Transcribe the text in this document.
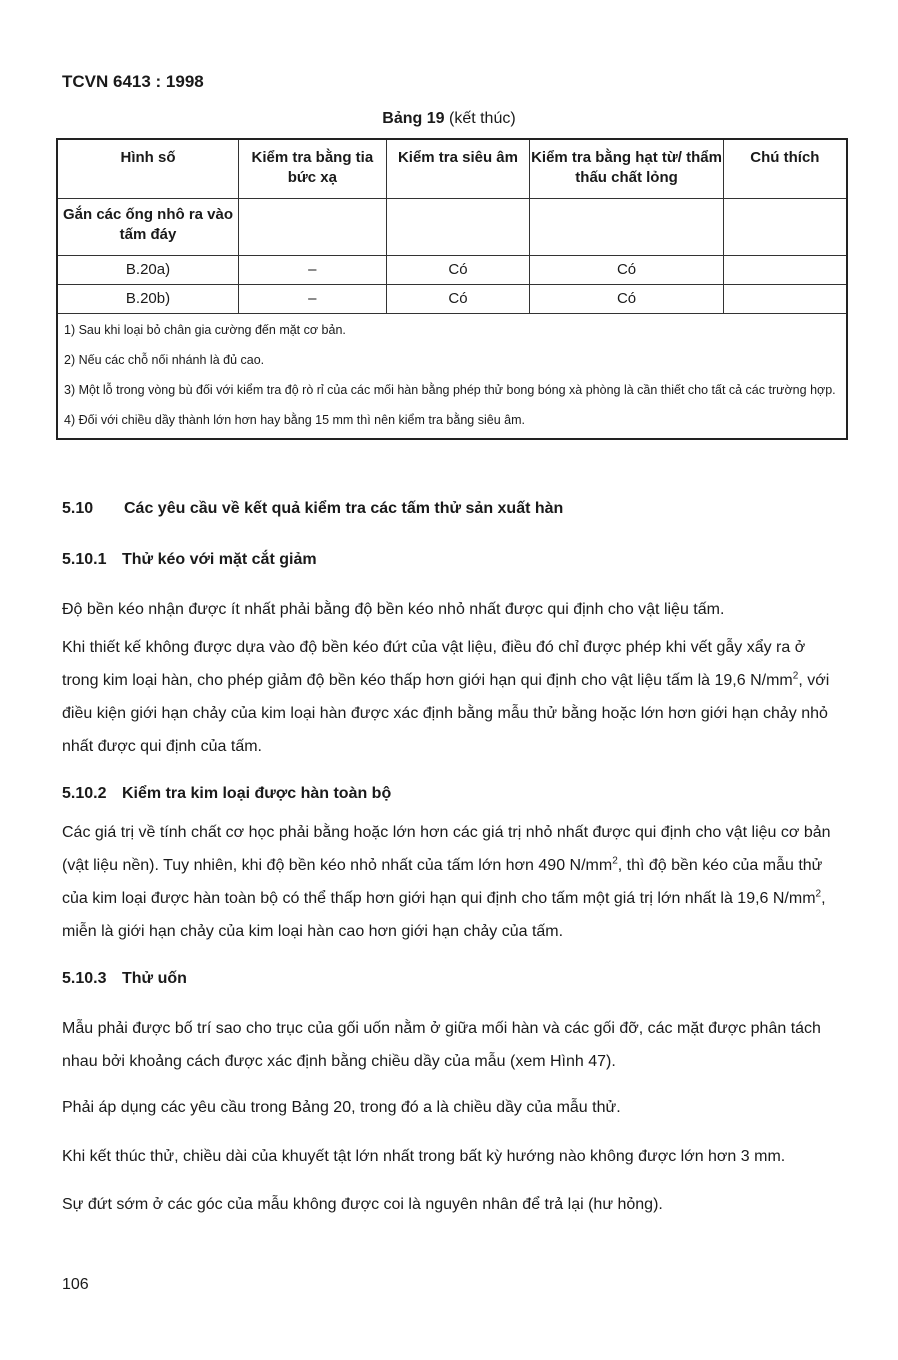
TCVN 6413 : 1998
Bảng 19 (kết thúc)
Hình số	Kiểm tra bằng tia bức xạ	Kiểm tra siêu âm	Kiểm tra bằng hạt từ/ thẩm thấu chất lỏng	Chú thích
Gắn các ống nhô ra vào tấm đáy				
B.20a)	–	Có	Có	
B.20b)	–	Có	Có	

1) Sau khi loại bỏ chân gia cường đến mặt cơ bản.
2) Nếu các chỗ nối nhánh là đủ cao.
3) Một lỗ trong vòng bù đối với kiểm tra độ rò rỉ của các mối hàn bằng phép thử bong bóng xà phòng là cần thiết cho tất cả các trường hợp.
4) Đối với chiều dầy thành lớn hơn hay bằng 15 mm thì nên kiểm tra bằng siêu âm.				
5.10 Các yêu cầu về kết quả kiểm tra các tấm thử sản xuất hàn
5.10.1 Thử kéo với mặt cắt giảm
Độ bền kéo nhận được ít nhất phải bằng độ bền kéo nhỏ nhất được qui định cho vật liệu tấm.
Khi thiết kế không được dựa vào độ bền kéo đứt của vật liệu, điều đó chỉ được phép khi vết gẫy xẩy ra ở trong kim loại hàn, cho phép giảm độ bền kéo thấp hơn giới hạn qui định cho vật liệu tấm là 19,6 $N/mm^2$, với điều kiện giới hạn chảy của kim loại hàn được xác định bằng mẫu thử bằng hoặc lớn hơn giới hạn chảy nhỏ nhất được qui định của tấm.
5.10.2 Kiểm tra kim loại được hàn toàn bộ
Các giá trị về tính chất cơ học phải bằng hoặc lớn hơn các giá trị nhỏ nhất được qui định cho vật liệu cơ bản (vật liệu nền). Tuy nhiên, khi độ bền kéo nhỏ nhất của tấm lớn hơn 490 $N/mm^2$, thì độ bền kéo của mẫu thử của kim loại được hàn toàn bộ có thể thấp hơn giới hạn qui định cho tấm một giá trị lớn nhất là 19,6 $N/mm^2$, miễn là giới hạn chảy của kim loại hàn cao hơn giới hạn chảy của tấm.
5.10.3 Thử uốn
Mẫu phải được bố trí sao cho trục của gối uốn nằm ở giữa mối hàn và các gối đỡ, các mặt được phân tách nhau bởi khoảng cách được xác định bằng chiều dầy của mẫu (xem Hình 47).
Phải áp dụng các yêu cầu trong Bảng 20, trong đó a là chiều dầy của mẫu thử.
Khi kết thúc thử, chiều dài của khuyết tật lớn nhất trong bất kỳ hướng nào không được lớn hơn 3 mm.
Sự đứt sớm ở các góc của mẫu không được coi là nguyên nhân để trả lại (hư hỏng).
106
